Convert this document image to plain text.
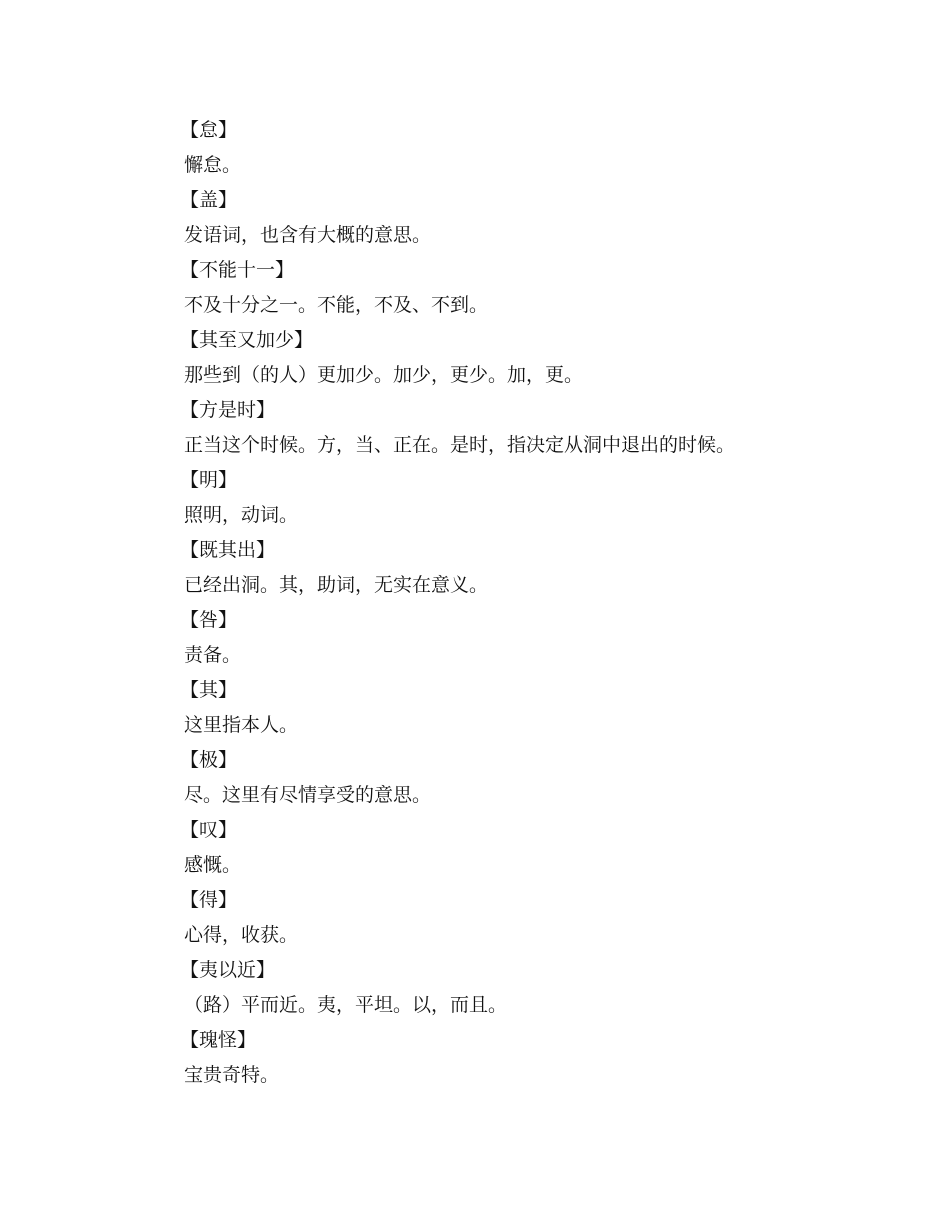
【怠】
懈怠。
【盖】
发语词，也含有大概的意思。
【不能十一】
不及十分之一。不能，不及、不到。
【其至又加少】
那些到（的人）更加少。加少，更少。加，更。
【方是时】
正当这个时候。方，当、正在。是时，指决定从洞中退出的时候。
【明】
照明，动词。
【既其出】
已经出洞。其，助词，无实在意义。
【咎】
责备。
【其】
这里指本人。
【极】
尽。这里有尽情享受的意思。
【叹】
感慨。
【得】
心得，收获。
【夷以近】
（路）平而近。夷，平坦。以，而且。
【瑰怪】
宝贵奇特。
